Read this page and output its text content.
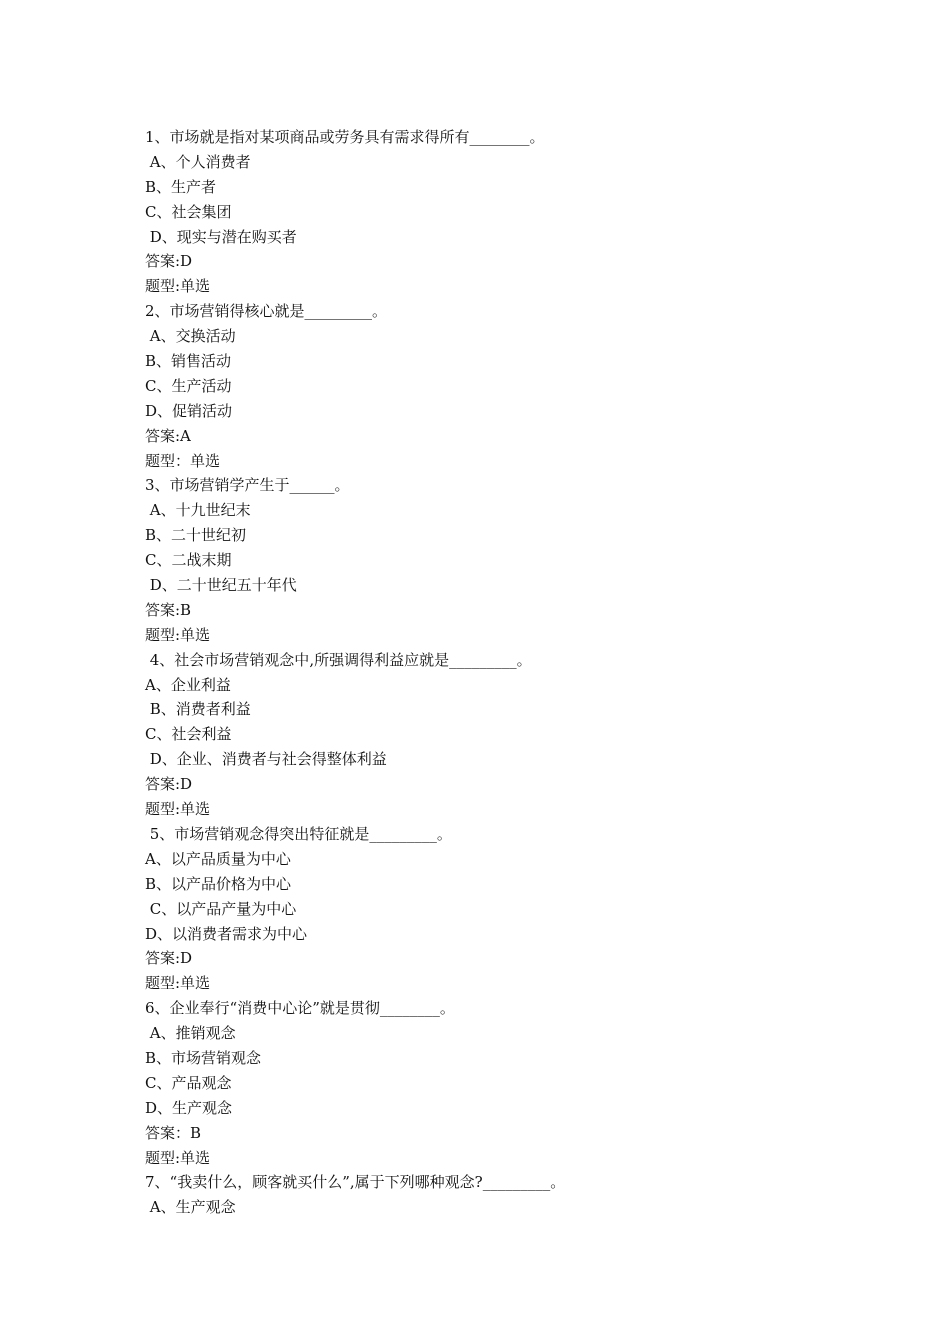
1、市场就是指对某项商品或劳务具有需求得所有________。
A、个人消费者
B、生产者
C、社会集团
D、现实与潜在购买者
答案:D
题型:单选
2、市场营销得核心就是_________。
A、交换活动
B、销售活动
C、生产活动
D、促销活动
答案:A
题型：单选
3、市场营销学产生于______。
A、十九世纪末
B、二十世纪初
C、二战末期
D、二十世纪五十年代
答案:B
题型:单选
4、社会市场营销观念中,所强调得利益应就是_________。
A、企业利益
B、消费者利益
C、社会利益
D、企业、消费者与社会得整体利益
答案:D
题型:单选
5、市场营销观念得突出特征就是_________。
A、以产品质量为中心
B、以产品价格为中心
C、以产品产量为中心
D、以消费者需求为中心
答案:D
题型:单选
6、企业奉行“消费中心论”就是贯彻________。
A、推销观念
B、市场营销观念
C、产品观念
D、生产观念
答案：B
题型:单选
7、“我卖什么，顾客就买什么”,属于下列哪种观念?_________。
A、生产观念
